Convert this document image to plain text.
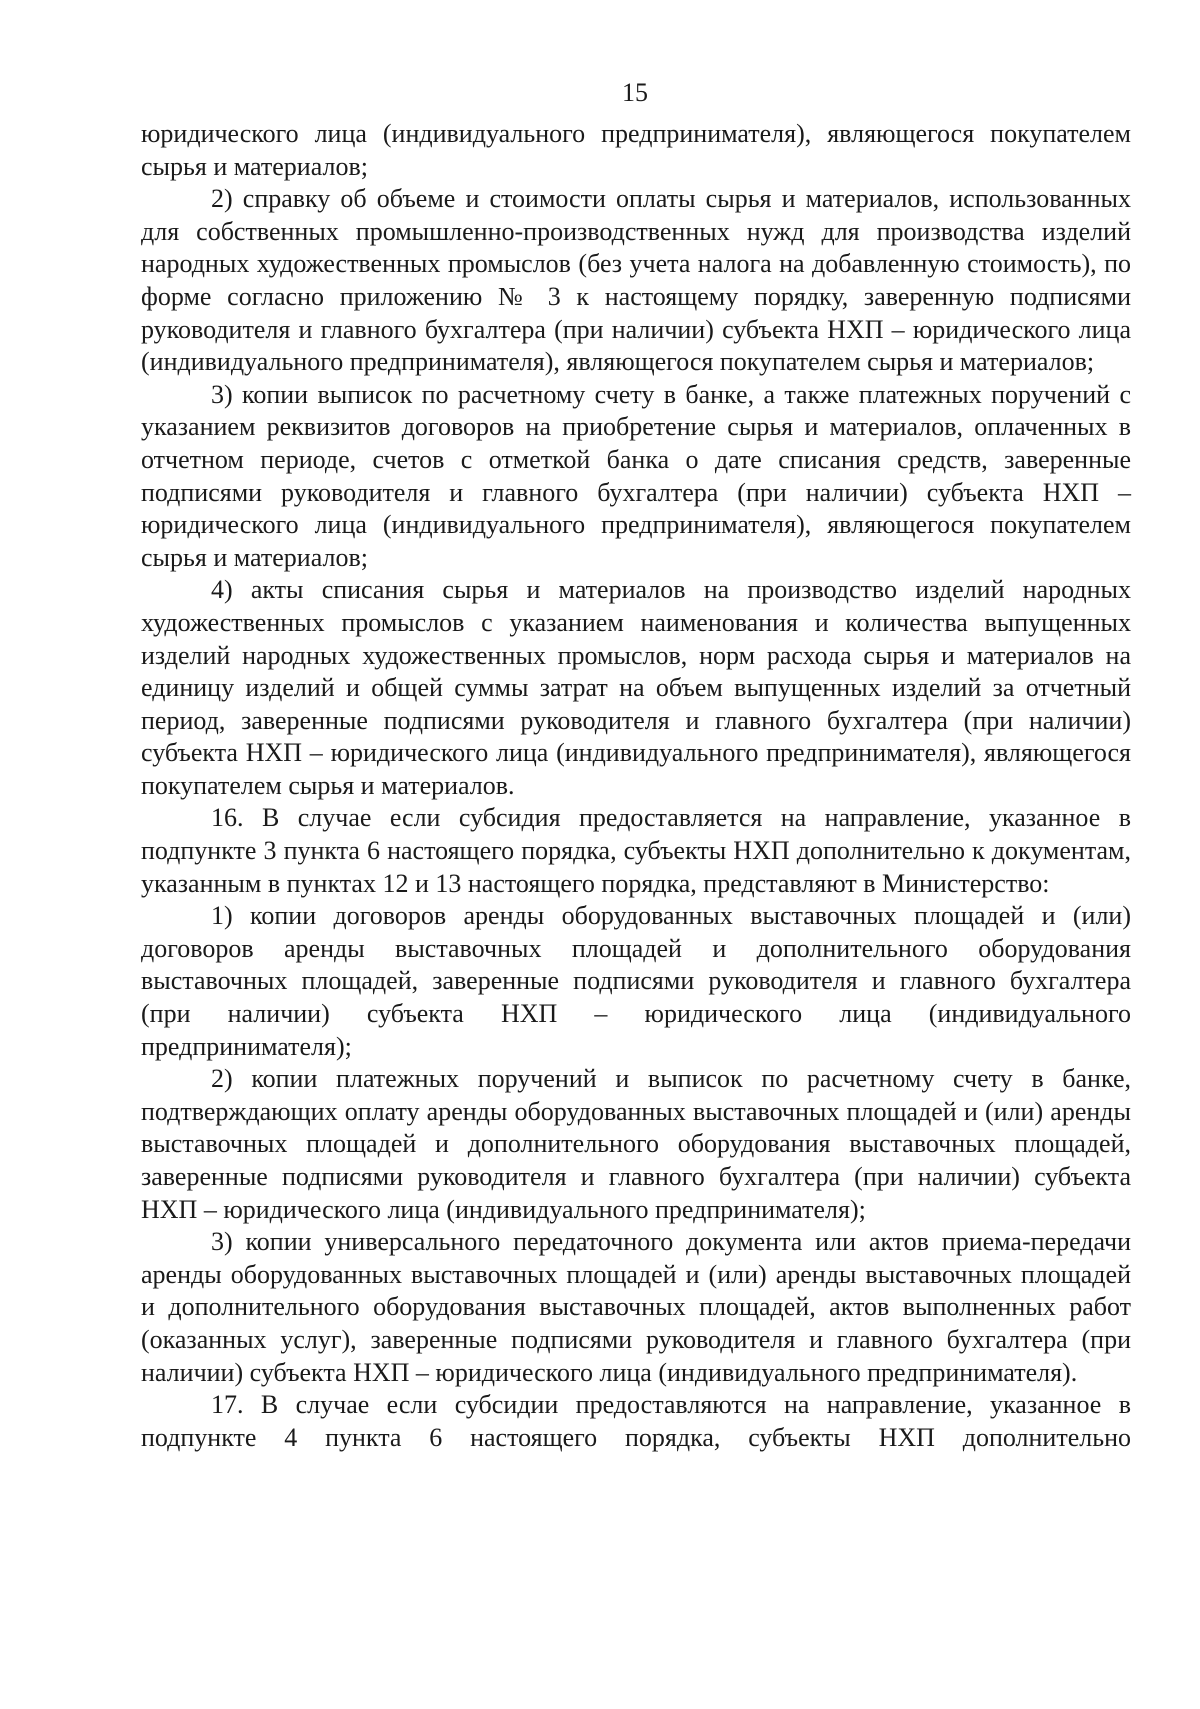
15

юридического лица (индивидуального предпринимателя), являющегося покупателем сырья и материалов;

2) справку об объеме и стоимости оплаты сырья и материалов, использованных для собственных промышленно-производственных нужд для производства изделий народных художественных промыслов (без учета налога на добавленную стоимость), по форме согласно приложению № 3 к настоящему порядку, заверенную подписями руководителя и главного бухгалтера (при наличии) субъекта НХП – юридического лица (индивидуального предпринимателя), являющегося покупателем сырья и материалов;

3) копии выписок по расчетному счету в банке, а также платежных поручений с указанием реквизитов договоров на приобретение сырья и материалов, оплаченных в отчетном периоде, счетов с отметкой банка о дате списания средств, заверенные подписями руководителя и главного бухгалтера (при наличии) субъекта НХП – юридического лица (индивидуального предпринимателя), являющегося покупателем сырья и материалов;

4) акты списания сырья и материалов на производство изделий народных художественных промыслов с указанием наименования и количества выпущенных изделий народных художественных промыслов, норм расхода сырья и материалов на единицу изделий и общей суммы затрат на объем выпущенных изделий за отчетный период, заверенные подписями руководителя и главного бухгалтера (при наличии) субъекта НХП – юридического лица (индивидуального предпринимателя), являющегося покупателем сырья и материалов.

16. В случае если субсидия предоставляется на направление, указанное в подпункте 3 пункта 6 настоящего порядка, субъекты НХП дополнительно к документам, указанным в пунктах 12 и 13 настоящего порядка, представляют в Министерство:

1) копии договоров аренды оборудованных выставочных площадей и (или) договоров аренды выставочных площадей и дополнительного оборудования выставочных площадей, заверенные подписями руководителя и главного бухгалтера (при наличии) субъекта НХП – юридического лица (индивидуального предпринимателя);

2) копии платежных поручений и выписок по расчетному счету в банке, подтверждающих оплату аренды оборудованных выставочных площадей и (или) аренды выставочных площадей и дополнительного оборудования выставочных площадей, заверенные подписями руководителя и главного бухгалтера (при наличии) субъекта НХП – юридического лица (индивидуального предпринимателя);

3) копии универсального передаточного документа или актов приема-передачи аренды оборудованных выставочных площадей и (или) аренды выставочных площадей и дополнительного оборудования выставочных площадей, актов выполненных работ (оказанных услуг), заверенные подписями руководителя и главного бухгалтера (при наличии) субъекта НХП – юридического лица (индивидуального предпринимателя).

17. В случае если субсидии предоставляются на направление, указанное в подпункте 4 пункта 6 настоящего порядка, субъекты НХП дополнительно
